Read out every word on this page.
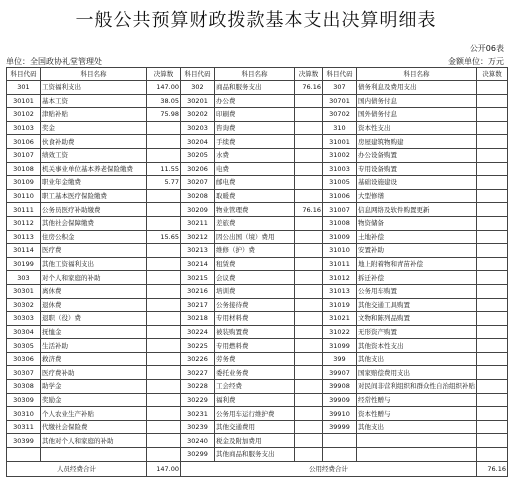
一般公共预算财政拨款基本支出决算明细表
公开06表
单位：全国政协礼堂管理处	金额单位：万元
科目代码	科目名称	决算数	科目代码	科目名称	决算数	科目代码	科目名称	决算数
301	工资福利支出	147.00	302	商品和服务支出	76.16	307	债务利息及费用支出	
30101	基本工资	38.05	30201	办公费		30701	国内债务付息	
30102	津贴补贴	75.98	30202	印刷费		30702	国外债务付息	
30103	奖金		30203	咨询费		310	资本性支出	
30106	伙食补助费		30204	手续费		31001	房屋建筑物购建	
30107	绩效工资		30205	水费		31002	办公设备购置	
30108	机关事业单位基本养老保险缴费	11.55	30206	电费		31003	专用设备购置	
30109	职业年金缴费	5.77	30207	邮电费		31005	基础设施建设	
30110	职工基本医疗保险缴费		30208	取暖费		31006	大型修缮	
30111	公务员医疗补助缴费		30209	物业管理费	76.16	31007	信息网络及软件购置更新	
30112	其他社会保障缴费		30211	差旅费		31008	物资储备	
30113	住房公积金	15.65	30212	因公出国（境）费用		31009	土地补偿	
30114	医疗费		30213	维修（护）费		31010	安置补助	
30199	其他工资福利支出		30214	租赁费		31011	地上附着物和青苗补偿	
303	对个人和家庭的补助		30215	会议费		31012	拆迁补偿	
30301	离休费		30216	培训费		31013	公务用车购置	
30302	退休费		30217	公务接待费		31019	其他交通工具购置	
30303	退职（役）费		30218	专用材料费		31021	文物和陈列品购置	
30304	抚恤金		30224	被装购置费		31022	无形资产购置	
30305	生活补助		30225	专用燃料费		31099	其他资本性支出	
30306	救济费		30226	劳务费		399	其他支出	
30307	医疗费补助		30227	委托业务费		39907	国家赔偿费用支出	
30308	助学金		30228	工会经费		39908	对民间非营利组织和群众性自治组织补贴	
30309	奖励金		30229	福利费		39909	经常性赠与	
30310	个人农业生产补贴		30231	公务用车运行维护费		39910	资本性赠与	
30311	代缴社会保险费		30239	其他交通费用		39999	其他支出	
30399	其他对个人和家庭的补助		30240	税金及附加费用				
			30299	其他商品和服务支出				
人员经费合计		147.00	公用经费合计					76.16
